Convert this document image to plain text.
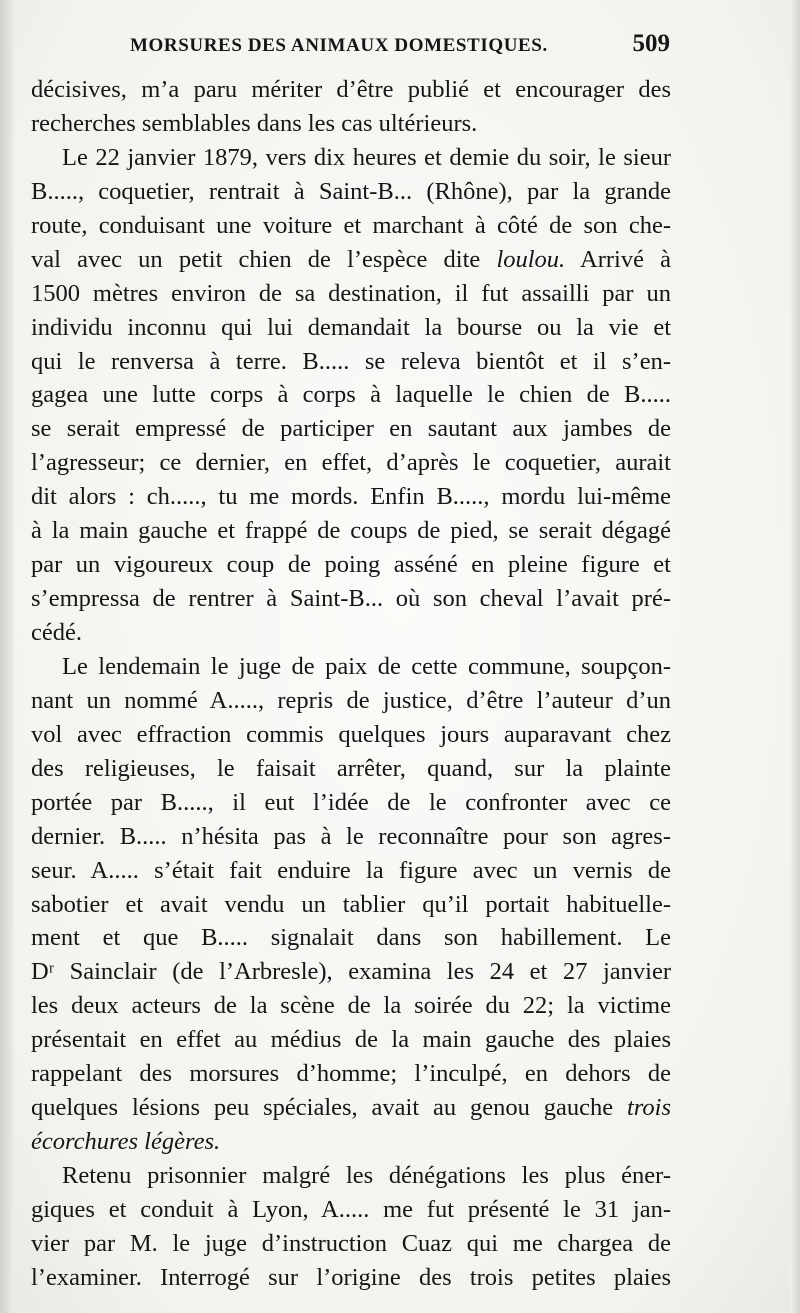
MORSURES DES ANIMAUX DOMESTIQUES.	509
décisives, m’a paru mériter d’être publié et encourager des
recherches semblables dans les cas ultérieurs.
Le 22 janvier 1879, vers dix heures et demie du soir, le sieur
B....., coquetier, rentrait à Saint-B... (Rhône), par la grande
route, conduisant une voiture et marchant à côté de son che-
val avec un petit chien de l’espèce dite loulou. Arrivé à
1500 mètres environ de sa destination, il fut assailli par un
individu inconnu qui lui demandait la bourse ou la vie et
qui le renversa à terre. B..... se releva bientôt et il s’en-
gagea une lutte corps à corps à laquelle le chien de B.....
se serait empressé de participer en sautant aux jambes de
l’agresseur; ce dernier, en effet, d’après le coquetier, aurait
dit alors : ch....., tu me mords. Enfin B....., mordu lui-même
à la main gauche et frappé de coups de pied, se serait dégagé
par un vigoureux coup de poing asséné en pleine figure et
s’empressa de rentrer à Saint-B... où son cheval l’avait pré-
cédé.
Le lendemain le juge de paix de cette commune, soupçon-
nant un nommé A....., repris de justice, d’être l’auteur d’un
vol avec effraction commis quelques jours auparavant chez
des religieuses, le faisait arrêter, quand, sur la plainte
portée par B....., il eut l’idée de le confronter avec ce
dernier. B..... n’hésita pas à le reconnaître pour son agres-
seur. A..... s’était fait enduire la figure avec un vernis de
sabotier et avait vendu un tablier qu’il portait habituelle-
ment et que B..... signalait dans son habillement. Le
Dʳ Sainclair (de l’Arbresle), examina les 24 et 27 janvier
les deux acteurs de la scène de la soirée du 22; la victime
présentait en effet au médius de la main gauche des plaies
rappelant des morsures d’homme; l’inculpé, en dehors de
quelques lésions peu spéciales, avait au genou gauche trois
écorchures légères.
Retenu prisonnier malgré les dénégations les plus éner-
giques et conduit à Lyon, A..... me fut présenté le 31 jan-
vier par M. le juge d’instruction Cuaz qui me chargea de
l’examiner. Interrogé sur l’origine des trois petites plaies
